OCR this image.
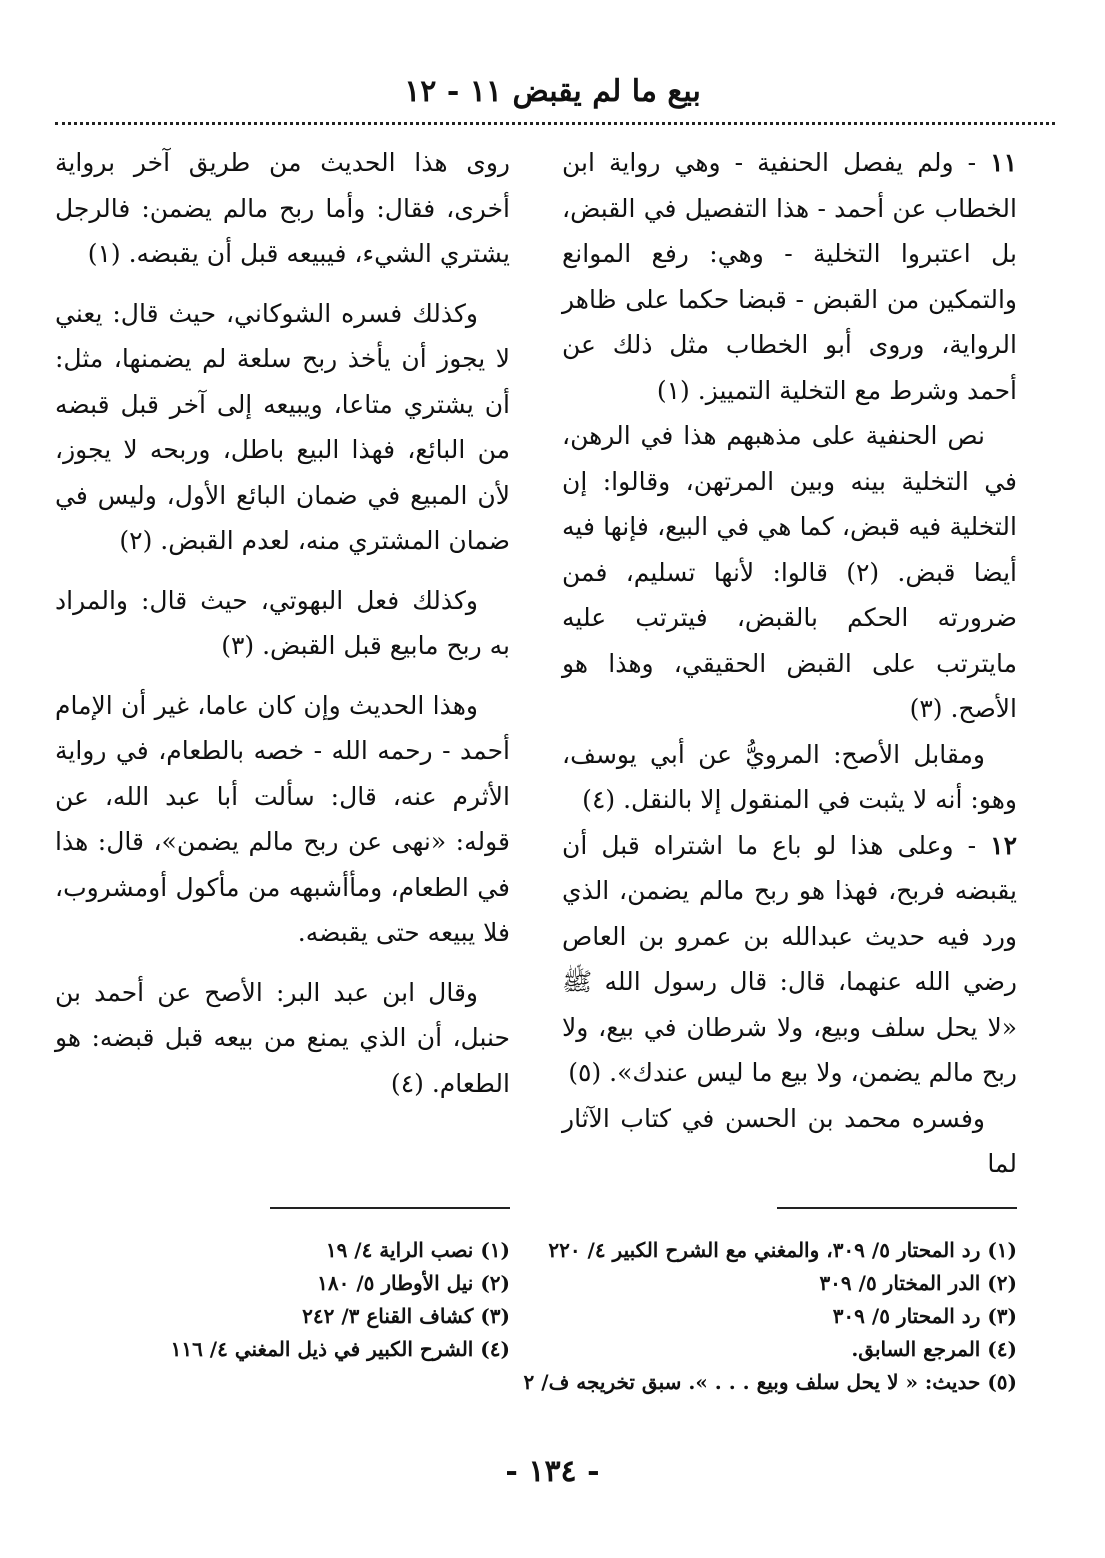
بيع ما لم يقبض ١١ - ١٢

١١ - ولم يفصل الحنفية - وهي رواية ابن الخطاب عن أحمد - هذا التفصيل في القبض، بل اعتبروا التخلية - وهي: رفع الموانع والتمكين من القبض - قبضا حكما على ظاهر الرواية، وروى أبو الخطاب مثل ذلك عن أحمد وشرط مع التخلية التمييز. (١)

نص الحنفية على مذهبهم هذا في الرهن، في التخلية بينه وبين المرتهن، وقالوا: إن التخلية فيه قبض، كما هي في البيع، فإنها فيه أيضا قبض. (٢) قالوا: لأنها تسليم، فمن ضرورته الحكم بالقبض، فيترتب عليه مايترتب على القبض الحقيقي، وهذا هو الأصح. (٣)

ومقابل الأصح: المرويُّ عن أبي يوسف، وهو: أنه لا يثبت في المنقول إلا بالنقل. (٤)

١٢ - وعلى هذا لو باع ما اشتراه قبل أن يقبضه فربح، فهذا هو ربح مالم يضمن، الذي ورد فيه حديث عبدالله بن عمرو بن العاص رضي الله عنهما، قال: قال رسول الله ﷺ «لا يحل سلف وبيع، ولا شرطان في بيع، ولا ربح مالم يضمن، ولا بيع ما ليس عندك». (٥)

وفسره محمد بن الحسن في كتاب الآثار لما

روى هذا الحديث من طريق آخر برواية أخرى، فقال: وأما ربح مالم يضمن: فالرجل يشتري الشيء، فيبيعه قبل أن يقبضه. (١)

وكذلك فسره الشوكاني، حيث قال: يعني لا يجوز أن يأخذ ربح سلعة لم يضمنها، مثل: أن يشتري متاعا، ويبيعه إلى آخر قبل قبضه من البائع، فهذا البيع باطل، وربحه لا يجوز، لأن المبيع في ضمان البائع الأول، وليس في ضمان المشتري منه، لعدم القبض. (٢)

وكذلك فعل البهوتي، حيث قال: والمراد به ربح مابيع قبل القبض. (٣)

وهذا الحديث وإن كان عاما، غير أن الإمام أحمد - رحمه الله - خصه بالطعام، في رواية الأثرم عنه، قال: سألت أبا عبد الله، عن قوله: «نهى عن ربح مالم يضمن»، قال: هذا في الطعام، ومأأشبهه من مأكول أومشروب، فلا يبيعه حتى يقبضه.

وقال ابن عبد البر: الأصح عن أحمد بن حنبل، أن الذي يمنع من بيعه قبل قبضه: هو الطعام. (٤)

(١) رد المحتار ٥/ ٣٠٩، والمغني مع الشرح الكبير ٤/ ٢٢٠
(٢) الدر المختار ٥/ ٣٠٩
(٣) رد المحتار ٥/ ٣٠٩
(٤) المرجع السابق.
(٥) حديث: « لا يحل سلف وبيع . . . ». سبق تخريجه ف/ ٢
(١) نصب الراية ٤/ ١٩
(٢) نيل الأوطار ٥/ ١٨٠
(٣) كشاف القناع ٣/ ٢٤٢
(٤) الشرح الكبير في ذيل المغني ٤/ ١١٦
- ١٣٤ -
